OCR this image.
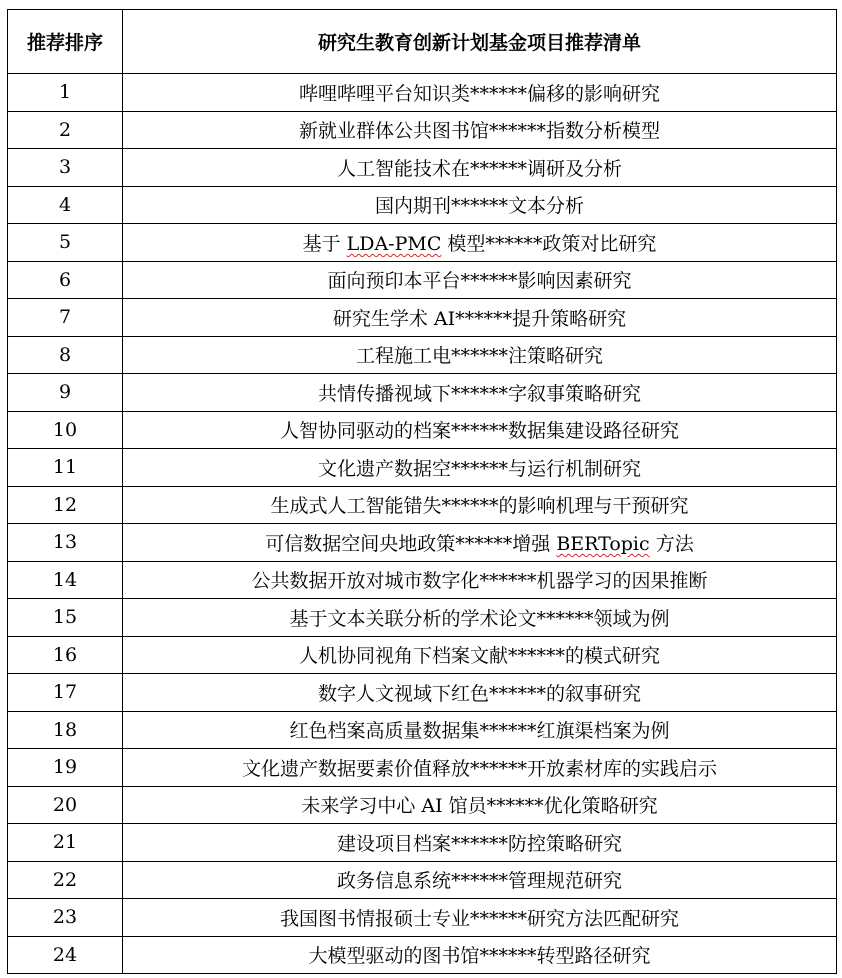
推荐排序	研究生教育创新计划基金项目推荐清单
1	哔哩哔哩平台知识类******偏移的影响研究
2	新就业群体公共图书馆******指数分析模型
3	人工智能技术在******调研及分析
4	国内期刊******文本分析
5	基于 LDA-PMC 模型******政策对比研究
6	面向预印本平台******影响因素研究
7	研究生学术 AI******提升策略研究
8	工程施工电******注策略研究
9	共情传播视域下******字叙事策略研究
10	人智协同驱动的档案******数据集建设路径研究
11	文化遗产数据空******与运行机制研究
12	生成式人工智能错失******的影响机理与干预研究
13	可信数据空间央地政策******增强 BERTopic 方法
14	公共数据开放对城市数字化******机器学习的因果推断
15	基于文本关联分析的学术论文******领域为例
16	人机协同视角下档案文献******的模式研究
17	数字人文视域下红色******的叙事研究
18	红色档案高质量数据集******红旗渠档案为例
19	文化遗产数据要素价值释放******开放素材库的实践启示
20	未来学习中心 AI 馆员******优化策略研究
21	建设项目档案******防控策略研究
22	政务信息系统******管理规范研究
23	我国图书情报硕士专业******研究方法匹配研究
24	大模型驱动的图书馆******转型路径研究
